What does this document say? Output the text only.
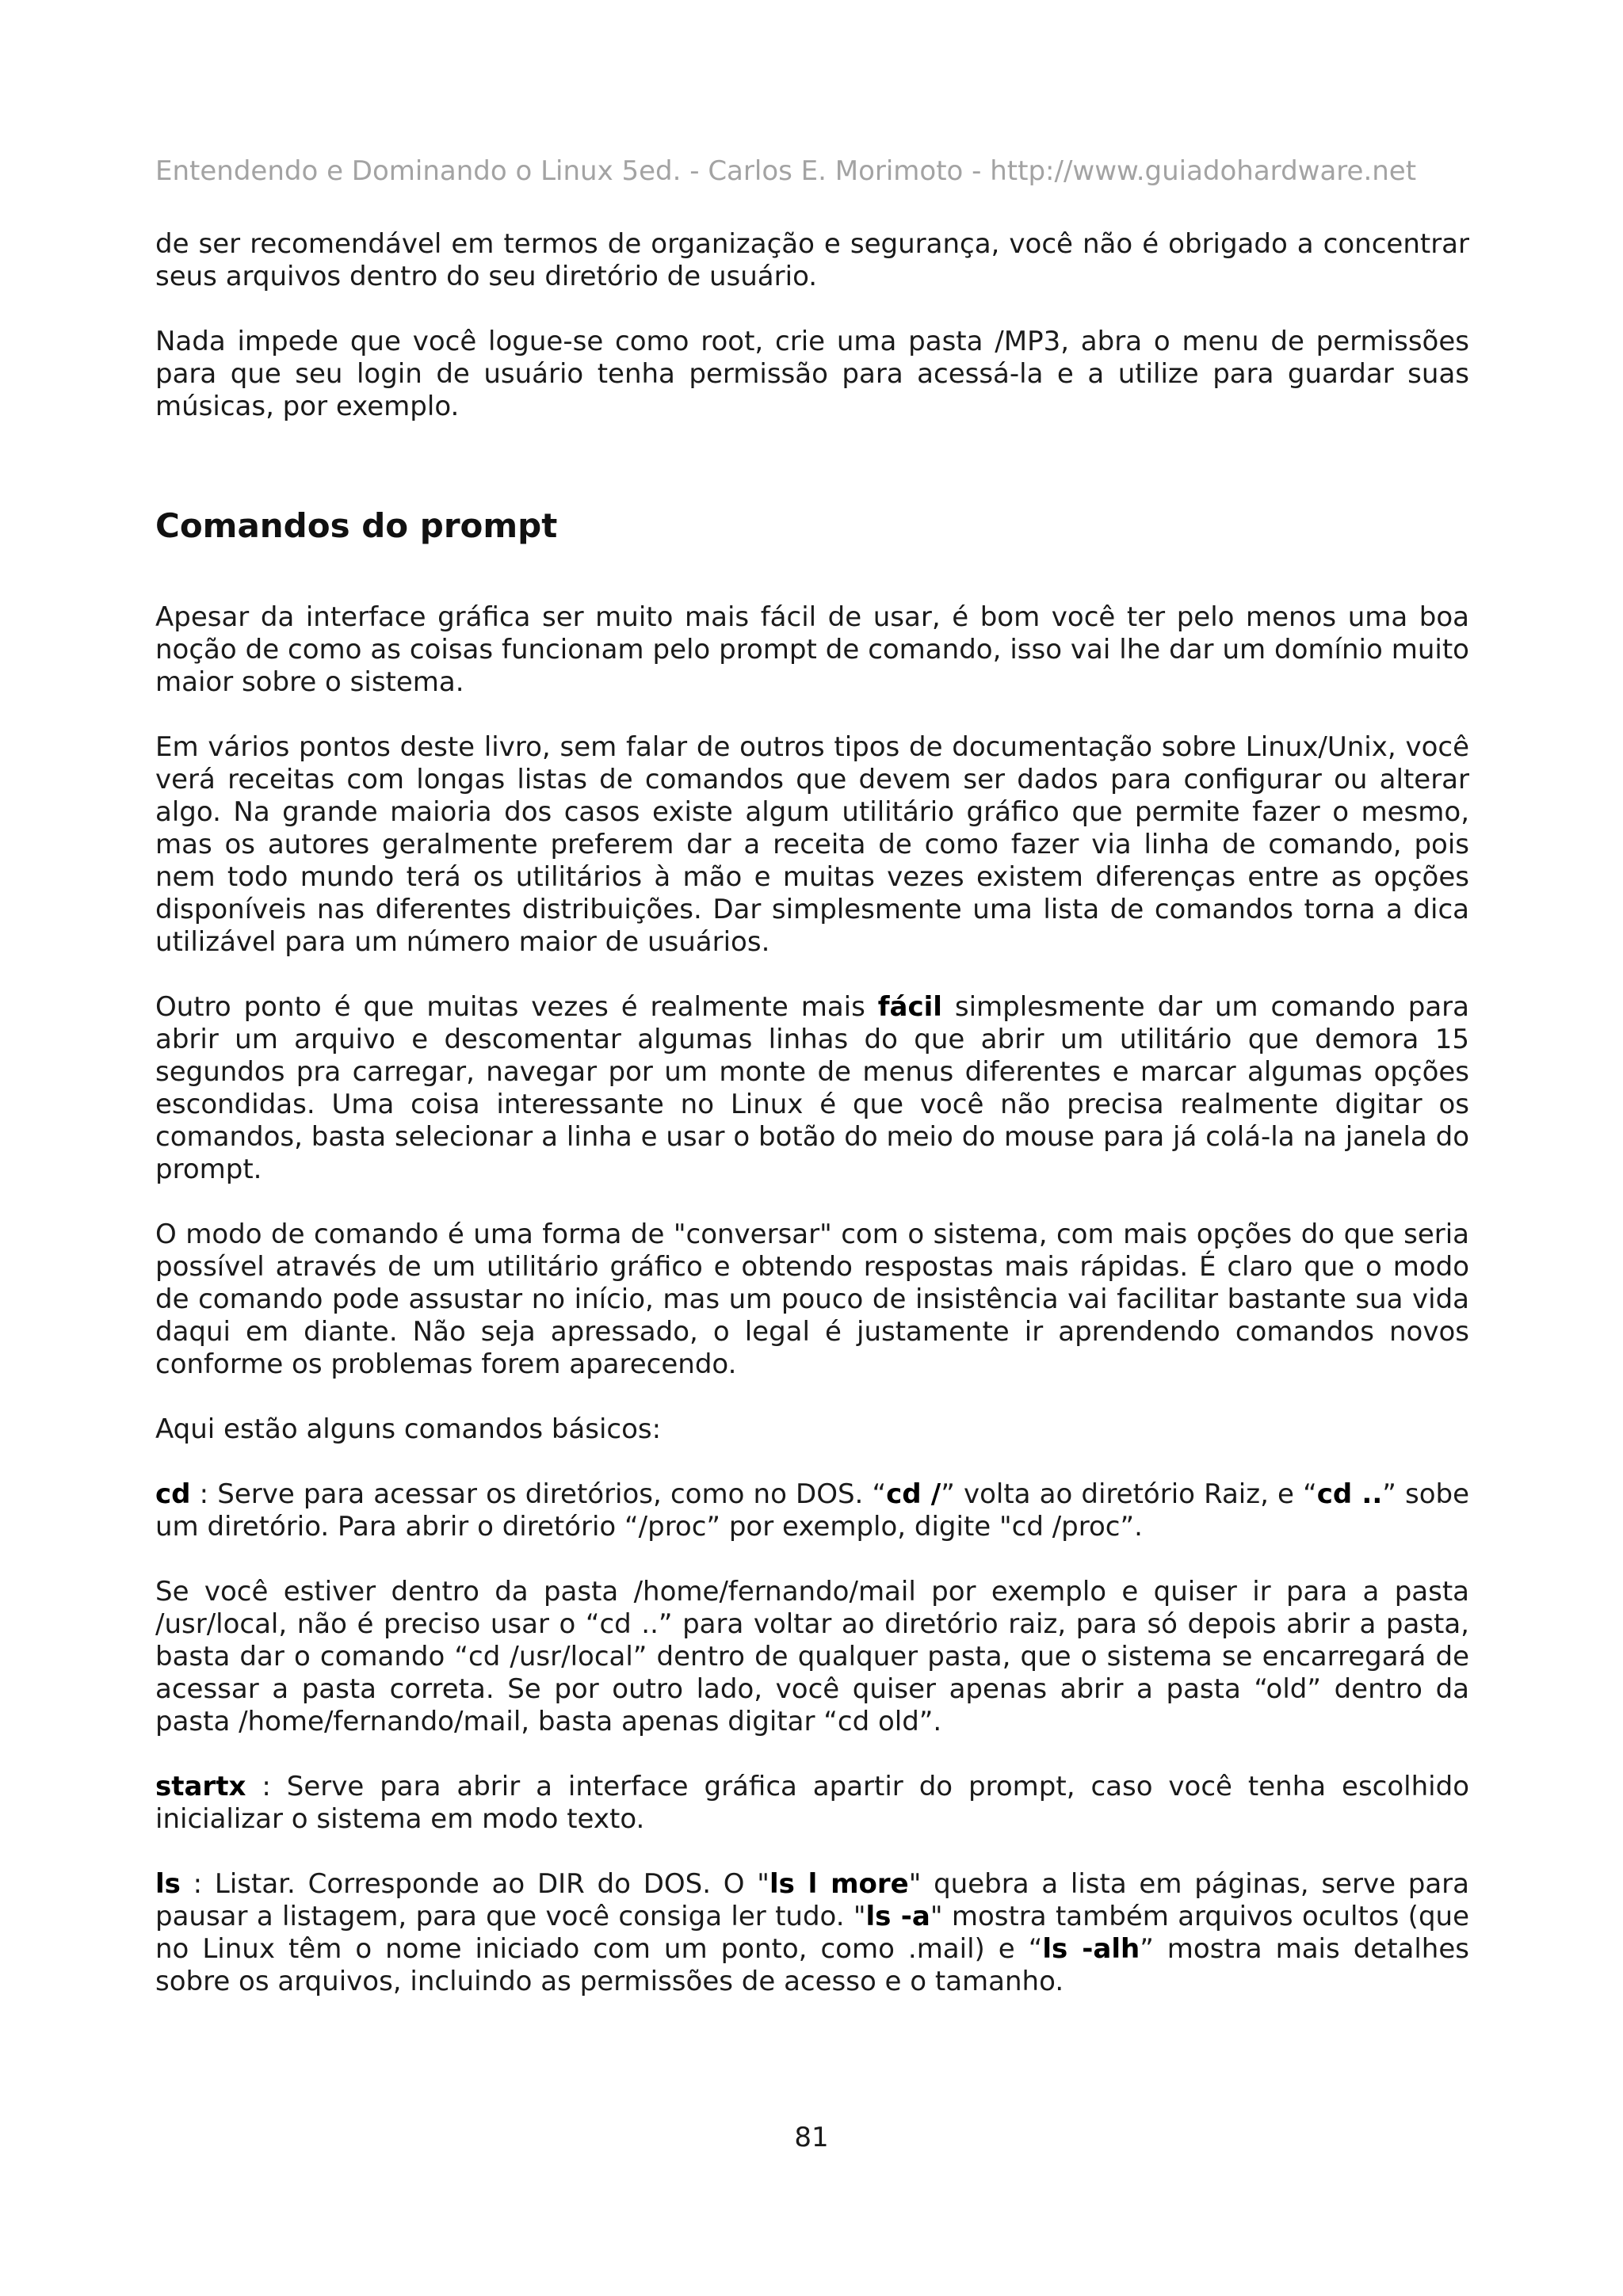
Entendendo e Dominando o Linux 5ed. - Carlos E. Morimoto - http://www.guiadohardware.net

de ser recomendável em termos de organização e segurança, você não é obrigado a concentrar seus arquivos dentro do seu diretório de usuário.

Nada impede que você logue-se como root, crie uma pasta /MP3, abra o menu de permissões para que seu login de usuário tenha permissão para acessá-la e a utilize para guardar suas músicas, por exemplo.

Comandos do prompt

Apesar da interface gráfica ser muito mais fácil de usar, é bom você ter pelo menos uma boa noção de como as coisas funcionam pelo prompt de comando, isso vai lhe dar um domínio muito maior sobre o sistema.

Em vários pontos deste livro, sem falar de outros tipos de documentação sobre Linux/Unix, você verá receitas com longas listas de comandos que devem ser dados para configurar ou alterar algo. Na grande maioria dos casos existe algum utilitário gráfico que permite fazer o mesmo, mas os autores geralmente preferem dar a receita de como fazer via linha de comando, pois nem todo mundo terá os utilitários à mão e muitas vezes existem diferenças entre as opções disponíveis nas diferentes distribuições. Dar simplesmente uma lista de comandos torna a dica utilizável para um número maior de usuários.

Outro ponto é que muitas vezes é realmente mais fácil simplesmente dar um comando para abrir um arquivo e descomentar algumas linhas do que abrir um utilitário que demora 15 segundos pra carregar, navegar por um monte de menus diferentes e marcar algumas opções escondidas. Uma coisa interessante no Linux é que você não precisa realmente digitar os comandos, basta selecionar a linha e usar o botão do meio do mouse para já colá-la na janela do prompt.

O modo de comando é uma forma de "conversar" com o sistema, com mais opções do que seria possível através de um utilitário gráfico e obtendo respostas mais rápidas. É claro que o modo de comando pode assustar no início, mas um pouco de insistência vai facilitar bastante sua vida daqui em diante. Não seja apressado, o legal é justamente ir aprendendo comandos novos conforme os problemas forem aparecendo.

Aqui estão alguns comandos básicos:

cd : Serve para acessar os diretórios, como no DOS. “cd /” volta ao diretório Raiz, e “cd ..” sobe um diretório. Para abrir o diretório “/proc” por exemplo, digite "cd /proc”.

Se você estiver dentro da pasta /home/fernando/mail por exemplo e quiser ir para a pasta /usr/local, não é preciso usar o “cd ..” para voltar ao diretório raiz, para só depois abrir a pasta, basta dar o comando “cd /usr/local” dentro de qualquer pasta, que o sistema se encarregará de acessar a pasta correta. Se por outro lado, você quiser apenas abrir a pasta “old” dentro da pasta /home/fernando/mail, basta apenas digitar “cd old”.

startx : Serve para abrir a interface gráfica apartir do prompt, caso você tenha escolhido inicializar o sistema em modo texto.

ls : Listar. Corresponde ao DIR do DOS. O "ls l more" quebra a lista em páginas, serve para pausar a listagem, para que você consiga ler tudo. "ls -a" mostra também arquivos ocultos (que no Linux têm o nome iniciado com um ponto, como .mail) e “ls -alh” mostra mais detalhes sobre os arquivos, incluindo as permissões de acesso e o tamanho.

81
